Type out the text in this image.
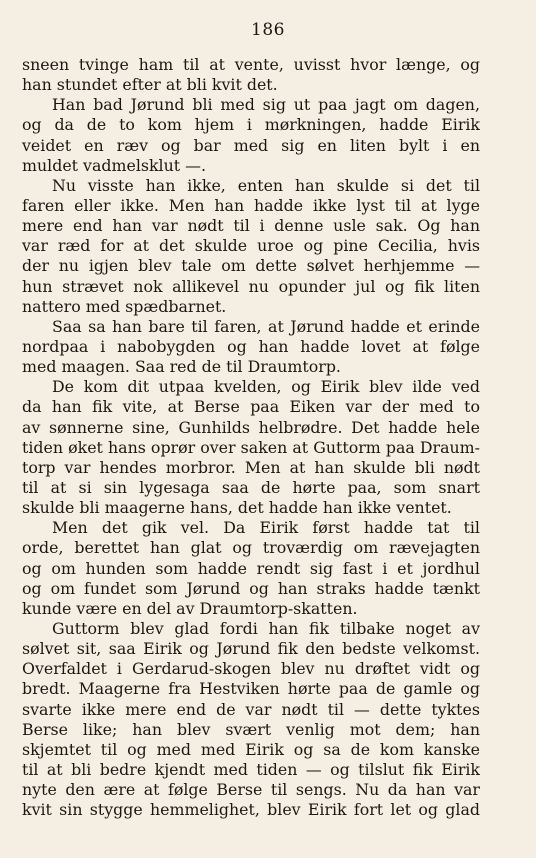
186
sneen tvinge ham til at vente, uvisst hvor længe, og
han stundet efter at bli kvit det.
Han bad Jørund bli med sig ut paa jagt om dagen,
og da de to kom hjem i mørkningen, hadde Eirik
veidet en ræv og bar med sig en liten bylt i en
muldet vadmelsklut —.
Nu visste han ikke, enten han skulde si det til
faren eller ikke. Men han hadde ikke lyst til at lyge
mere end han var nødt til i denne usle sak. Og han
var ræd for at det skulde uroe og pine Cecilia, hvis
der nu igjen blev tale om dette sølvet herhjemme —
hun strævet nok allikevel nu opunder jul og fik liten
nattero med spædbarnet.
Saa sa han bare til faren, at Jørund hadde et erinde
nordpaa i nabobygden og han hadde lovet at følge
med maagen. Saa red de til Draumtorp.
De kom dit utpaa kvelden, og Eirik blev ilde ved
da han fik vite, at Berse paa Eiken var der med to
av sønnerne sine, Gunhilds helbrødre. Det hadde hele
tiden øket hans oprør over saken at Guttorm paa Draum-
torp var hendes morbror. Men at han skulde bli nødt
til at si sin lygesaga saa de hørte paa, som snart
skulde bli maagerne hans, det hadde han ikke ventet.
Men det gik vel. Da Eirik først hadde tat til
orde, berettet han glat og troværdig om rævejagten
og om hunden som hadde rendt sig fast i et jordhul
og om fundet som Jørund og han straks hadde tænkt
kunde være en del av Draumtorp-skatten.
Guttorm blev glad fordi han fik tilbake noget av
sølvet sit, saa Eirik og Jørund fik den bedste velkomst.
Overfaldet i Gerdarud-skogen blev nu drøftet vidt og
bredt. Maagerne fra Hestviken hørte paa de gamle og
svarte ikke mere end de var nødt til — dette tyktes
Berse like; han blev svært venlig mot dem; han
skjemtet til og med med Eirik og sa de kom kanske
til at bli bedre kjendt med tiden — og tilslut fik Eirik
nyte den ære at følge Berse til sengs. Nu da han var
kvit sin stygge hemmelighet, blev Eirik fort let og glad
